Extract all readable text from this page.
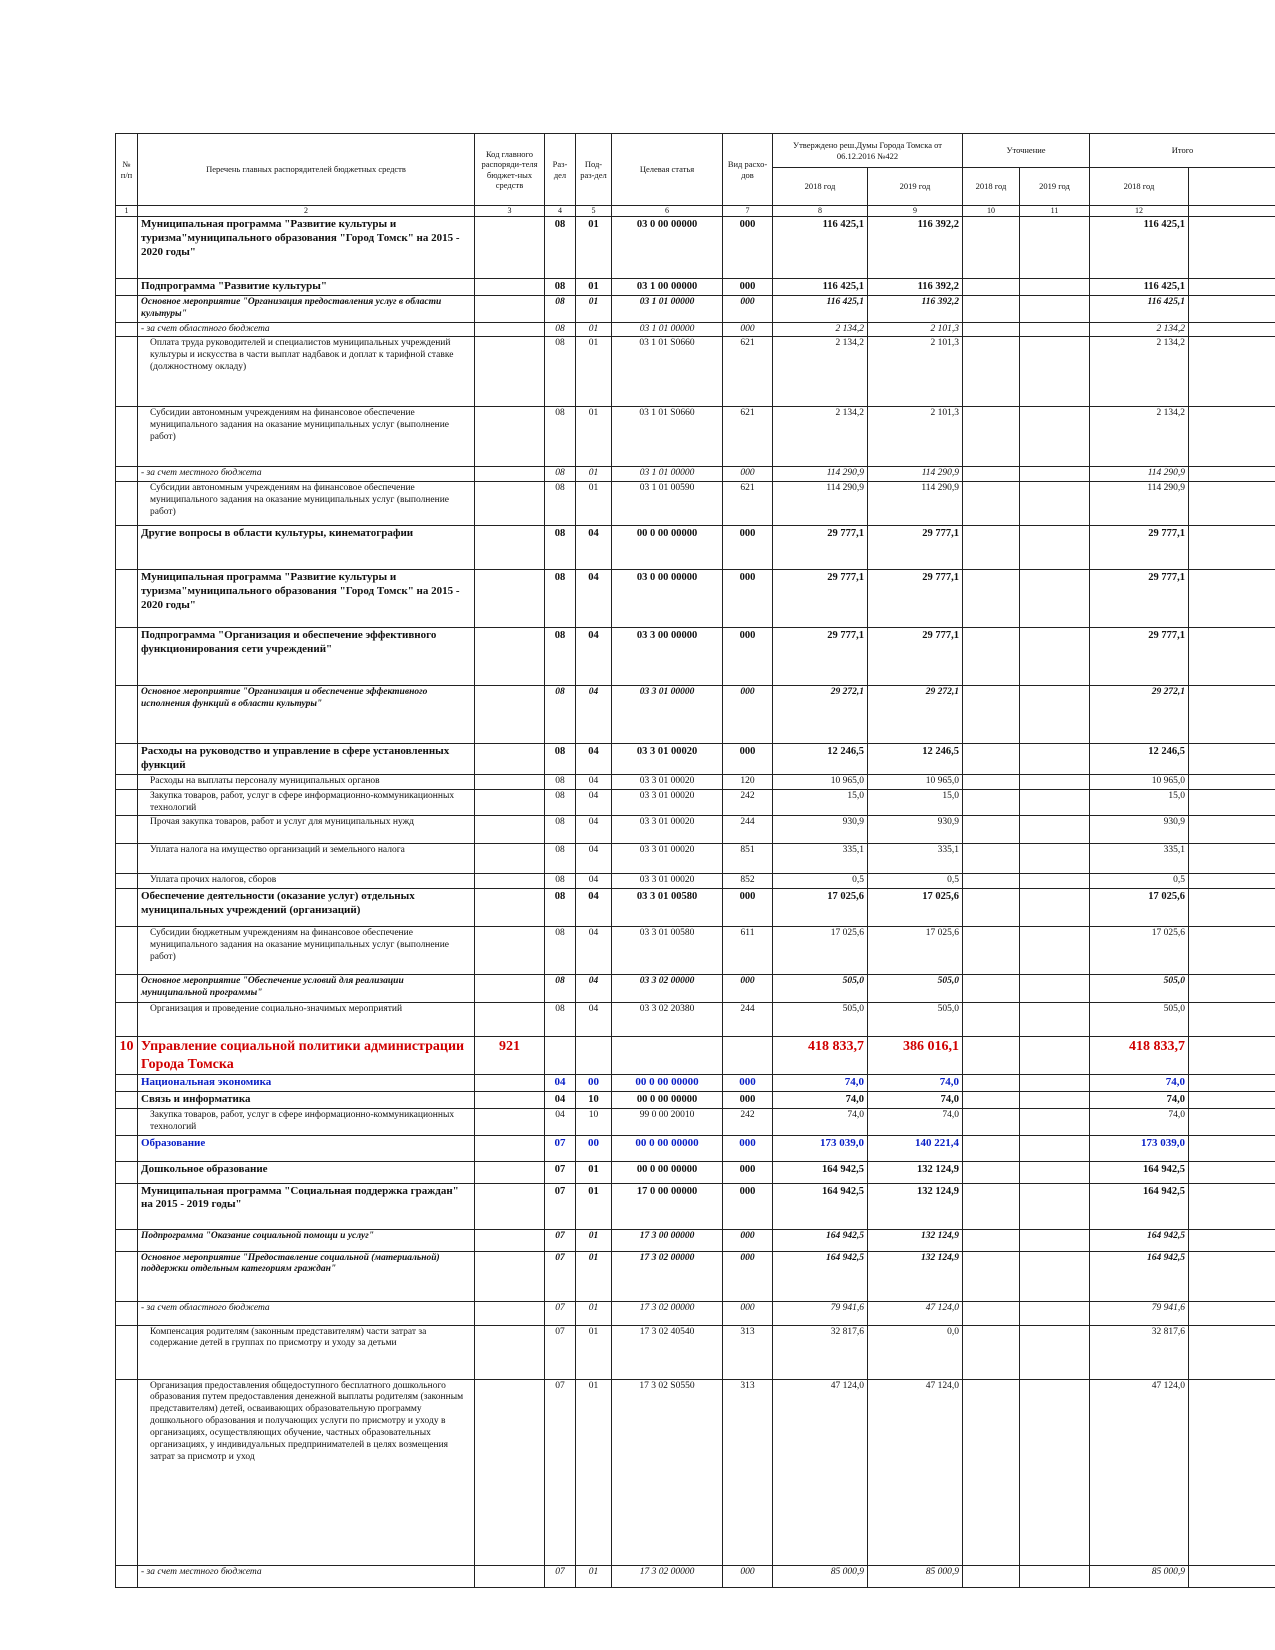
№ п/п	Перечень главных распорядителей бюджетных средств	Код главного распоряди-теля бюджет-ных средств	Раз-дел	Под-раз-дел	Целевая статья	Вид расхо-дов	Утверждено реш.Думы Города Томска от 06.12.2016 №422		Уточнение		Итого	
							2018 год	2019 год	2018 год	2019 год	2018 год	
1	2	3	4	5	6	7	8	9	10	11	12	
	Муниципальная программа "Развитие культуры и туризма"муниципального образования "Город Томск" на 2015 - 2020 годы"		08	01	03 0 00 00000	000	116 425,1	116 392,2			116 425,1	
	Подпрограмма "Развитие культуры"		08	01	03 1 00 00000	000	116 425,1	116 392,2			116 425,1	
	Основное мероприятие "Организация предоставления услуг в области культуры"		08	01	03 1 01 00000	000	116 425,1	116 392,2			116 425,1	
	- за счет областного бюджета		08	01	03 1 01 00000	000	2 134,2	2 101,3			2 134,2	
	Оплата труда руководителей и специалистов муниципальных учреждений культуры и искусства в части выплат надбавок и доплат к тарифной ставке (должностному окладу)		08	01	03 1 01 S0660	621	2 134,2	2 101,3			2 134,2	
	Субсидии автономным учреждениям на финансовое обеспечение муниципального задания на оказание муниципальных услуг (выполнение работ)		08	01	03 1 01 S0660	621	2 134,2	2 101,3			2 134,2	
	- за счет местного бюджета		08	01	03 1 01 00000	000	114 290,9	114 290,9			114 290,9	
	Субсидии автономным учреждениям на финансовое обеспечение муниципального задания на оказание муниципальных услуг (выполнение работ)		08	01	03 1 01 00590	621	114 290,9	114 290,9			114 290,9	
	Другие вопросы в области культуры, кинематографии		08	04	00 0 00 00000	000	29 777,1	29 777,1			29 777,1	
	Муниципальная программа "Развитие культуры и туризма"муниципального образования "Город Томск" на 2015 - 2020 годы"		08	04	03 0 00 00000	000	29 777,1	29 777,1			29 777,1	
	Подпрограмма "Организация и обеспечение эффективного функционирования сети учреждений"		08	04	03 3 00 00000	000	29 777,1	29 777,1			29 777,1	
	Основное мероприятие "Организация и обеспечение эффективного исполнения функций в области культуры"		08	04	03 3 01 00000	000	29 272,1	29 272,1			29 272,1	
	Расходы на руководство и управление в сфере установленных функций		08	04	03 3 01 00020	000	12 246,5	12 246,5			12 246,5	
	Расходы на выплаты персоналу муниципальных органов		08	04	03 3 01 00020	120	10 965,0	10 965,0			10 965,0	
	Закупка товаров, работ, услуг в сфере информационно-коммуникационных технологий		08	04	03 3 01 00020	242	15,0	15,0			15,0	
	Прочая закупка товаров, работ и услуг для муниципальных нужд		08	04	03 3 01 00020	244	930,9	930,9			930,9	
	Уплата налога на имущество организаций и земельного налога		08	04	03 3 01 00020	851	335,1	335,1			335,1	
	Уплата прочих налогов, сборов		08	04	03 3 01 00020	852	0,5	0,5			0,5	
	Обеспечение деятельности (оказание услуг) отдельных муниципальных учреждений (организаций)		08	04	03 3 01 00580	000	17 025,6	17 025,6			17 025,6	
	Субсидии бюджетным учреждениям на финансовое обеспечение муниципального задания на оказание муниципальных услуг (выполнение работ)		08	04	03 3 01 00580	611	17 025,6	17 025,6			17 025,6	
	Основное мероприятие "Обеспечение условий для реализации муниципальной программы"		08	04	03 3 02 00000	000	505,0	505,0			505,0	
	Организация и проведение социально-значимых мероприятий		08	04	03 3 02 20380	244	505,0	505,0			505,0	
10	Управление социальной политики администрации Города Томска	921					418 833,7	386 016,1			418 833,7	
	Национальная экономика		04	00	00 0 00 00000	000	74,0	74,0			74,0	
	Связь и информатика		04	10	00 0 00 00000	000	74,0	74,0			74,0	
	Закупка товаров, работ, услуг в сфере информационно-коммуникационных технологий		04	10	99 0 00 20010	242	74,0	74,0			74,0	
	Образование		07	00	00 0 00 00000	000	173 039,0	140 221,4			173 039,0	
	Дошкольное образование		07	01	00 0 00 00000	000	164 942,5	132 124,9			164 942,5	
	Муниципальная программа "Социальная поддержка граждан" на 2015 - 2019 годы"		07	01	17 0 00 00000	000	164 942,5	132 124,9			164 942,5	
	Подпрограмма "Оказание социальной помощи и услуг"		07	01	17 3 00 00000	000	164 942,5	132 124,9			164 942,5	
	Основное мероприятие "Предоставление социальной (материальной) поддержки отдельным категориям граждан"		07	01	17 3 02 00000	000	164 942,5	132 124,9			164 942,5	
	- за счет областного бюджета		07	01	17 3 02 00000	000	79 941,6	47 124,0			79 941,6	
	Компенсация родителям (законным представителям) части затрат за содержание детей в группах по присмотру и уходу за детьми		07	01	17 3 02 40540	313	32 817,6	0,0			32 817,6	
	Организация предоставления общедоступного бесплатного дошкольного образования путем предоставления денежной выплаты родителям (законным представителям) детей, осваивающих образовательную программу дошкольного образования и получающих услуги по присмотру и уходу в организациях, осуществляющих обучение, частных образовательных организациях, у индивидуальных предпринимателей в целях возмещения затрат за присмотр и уход		07	01	17 3 02 S0550	313	47 124,0	47 124,0			47 124,0	
	- за счет местного бюджета		07	01	17 3 02 00000	000	85 000,9	85 000,9			85 000,9	
